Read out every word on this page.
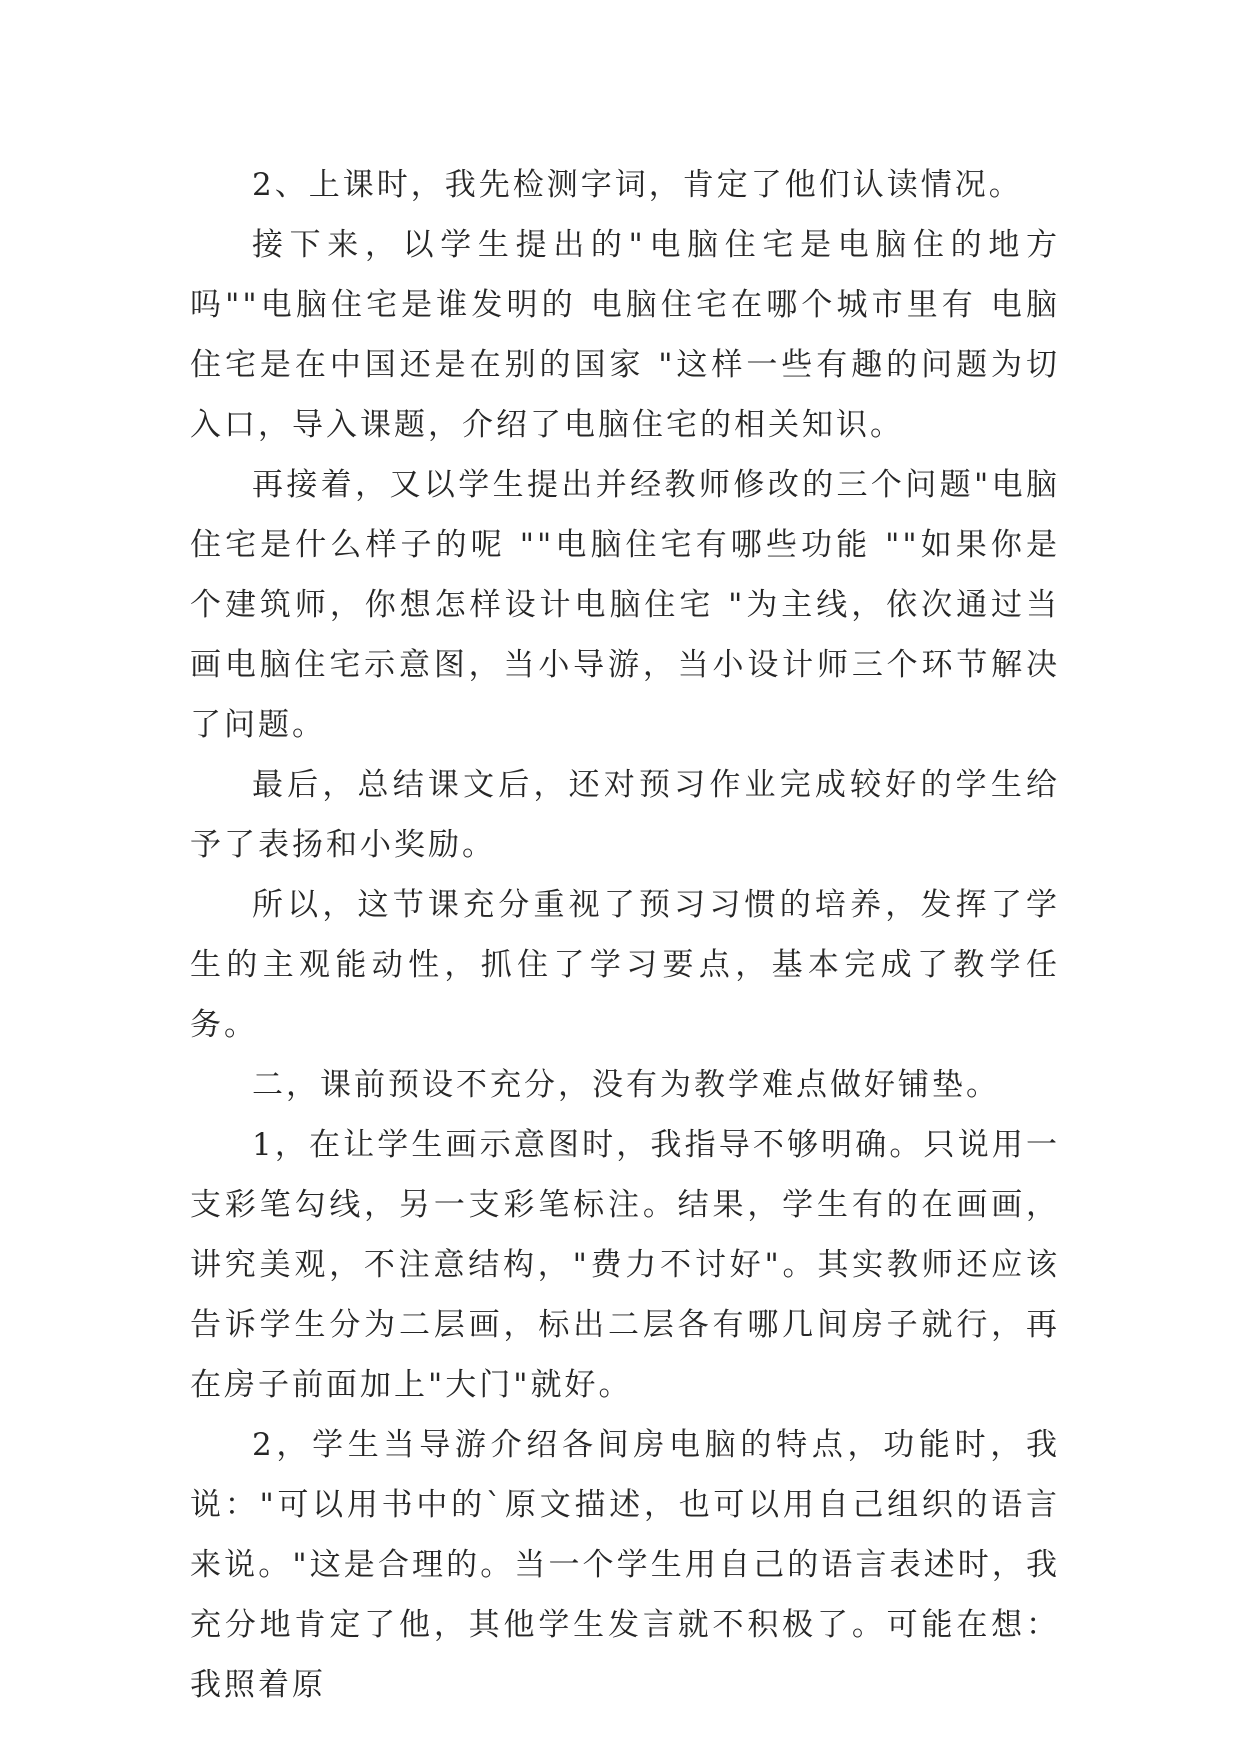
2、上课时，我先检测字词，肯定了他们认读情况。

接下来，以学生提出的"电脑住宅是电脑住的地方吗""电脑住宅是谁发明的 电脑住宅在哪个城市里有 电脑住宅是在中国还是在别的国家 "这样一些有趣的问题为切入口，导入课题，介绍了电脑住宅的相关知识。

再接着，又以学生提出并经教师修改的三个问题"电脑住宅是什么样子的呢 ""电脑住宅有哪些功能 ""如果你是个建筑师，你想怎样设计电脑住宅 "为主线，依次通过当画电脑住宅示意图，当小导游，当小设计师三个环节解决了问题。

最后，总结课文后，还对预习作业完成较好的学生给予了表扬和小奖励。

所以，这节课充分重视了预习习惯的培养，发挥了学生的主观能动性，抓住了学习要点，基本完成了教学任务。

二，课前预设不充分，没有为教学难点做好铺垫。

1，在让学生画示意图时，我指导不够明确。只说用一支彩笔勾线，另一支彩笔标注。结果，学生有的在画画，讲究美观，不注意结构，"费力不讨好"。其实教师还应该告诉学生分为二层画，标出二层各有哪几间房子就行，再在房子前面加上"大门"就好。

2，学生当导游介绍各间房电脑的特点，功能时，我说："可以用书中的`原文描述，也可以用自己组织的语言来说。"这是合理的。当一个学生用自己的语言表述时，我充分地肯定了他，其他学生发言就不积极了。可能在想：我照着原
